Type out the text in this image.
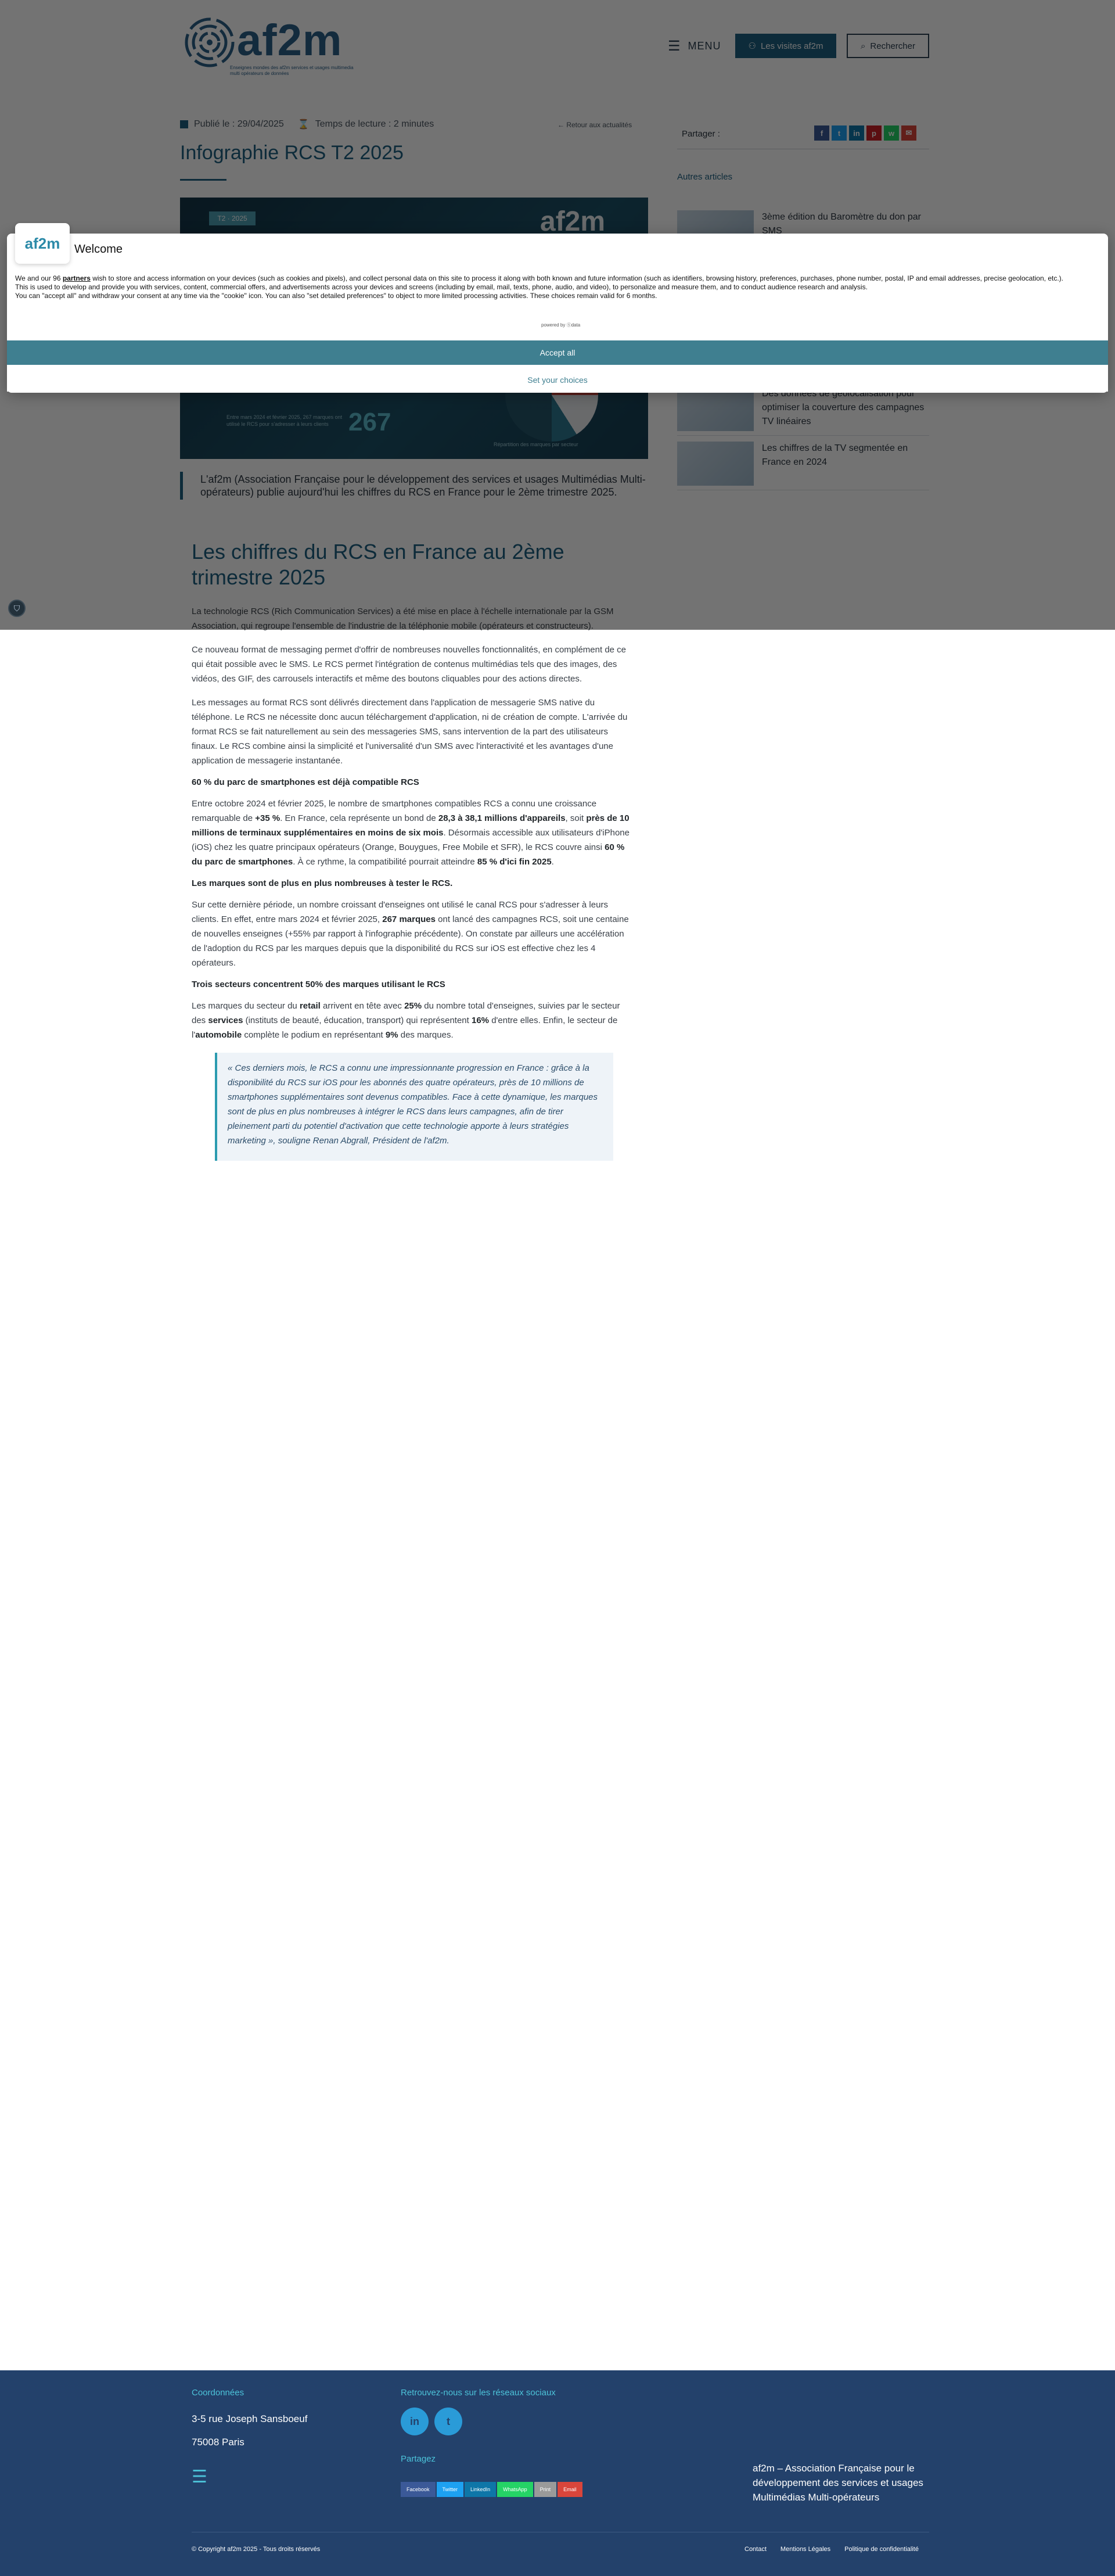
Ce nouveau format de messaging permet d'offrir de nombreuses nouvelles fonctionnalités, en complément de ce qui était possible avec le SMS. Le RCS permet l'intégration de contenus multimédias tels que des images, des vidéos, des GIF, des carrousels interactifs et même des boutons cliquables pour des actions directes.

Les messages au format RCS sont délivrés directement dans l'application de messagerie SMS native du téléphone. Le RCS ne nécessite donc aucun téléchargement d'application, ni de création de compte. L'arrivée du format RCS se fait naturellement au sein des messageries SMS, sans intervention de la part des utilisateurs finaux. Le RCS combine ainsi la simplicité et l'universalité d'un SMS avec l'interactivité et les avantages d'une application de messagerie instantanée.

60 % du parc de smartphones est déjà compatible RCS

Entre octobre 2024 et février 2025, le nombre de smartphones compatibles RCS a connu une croissance remarquable de +35 %. En France, cela représente un bond de 28,3 à 38,1 millions d'appareils, soit près de 10 millions de terminaux supplémentaires en moins de six mois. Désormais accessible aux utilisateurs d'iPhone (iOS) chez les quatre principaux opérateurs (Orange, Bouygues, Free Mobile et SFR), le RCS couvre ainsi 60 % du parc de smartphones. À ce rythme, la compatibilité pourrait atteindre 85 % d'ici fin 2025.

Les marques sont de plus en plus nombreuses à tester le RCS.

Sur cette dernière période, un nombre croissant d'enseignes ont utilisé le canal RCS pour s'adresser à leurs clients. En effet, entre mars 2024 et février 2025, 267 marques ont lancé des campagnes RCS, soit une centaine de nouvelles enseignes (+55% par rapport à l'infographie précédente). On constate par ailleurs une accélération de l'adoption du RCS par les marques depuis que la disponibilité du RCS sur iOS est effective chez les 4 opérateurs.

Trois secteurs concentrent 50% des marques utilisant le RCS

Les marques du secteur du retail arrivent en tête avec 25% du nombre total d'enseignes, suivies par le secteur des services (instituts de beauté, éducation, transport) qui représentent 16% d'entre elles. Enfin, le secteur de l'automobile complète le podium en représentant 9% des marques.

« Ces derniers mois, le RCS a connu une impressionnante progression en France : grâce à la disponibilité du RCS sur iOS pour les abonnés des quatre opérateurs, près de 10 millions de smartphones supplémentaires sont devenus compatibles. Face à cette dynamique, les marques sont de plus en plus nombreuses à intégrer le RCS dans leurs campagnes, afin de tirer pleinement parti du potentiel d'activation que cette technologie apporte à leurs stratégies marketing », souligne Renan Abgrall, Président de l'af2m.
⛉
af2m	Welcome
We and our 96 partners wish to store and access information on your devices (such as cookies and pixels), and collect personal data on this site to process it along with both known and future information (such as identifiers, browsing history, preferences, purchases, phone number, postal, IP and email addresses, precise geolocation, etc.).
This is used to develop and provide you with services, content, commercial offers, and advertisements across your devices and screens (including by email, mail, texts, phone, audio, and video), to personalize and measure them, and to conduct audience research and analysis.
You can "accept all" and withdraw your consent at any time via the "cookie" icon. You can also "set detailed preferences" to object to more limited processing activities. These choices remain valid for 6 months.
powered by Ⓢdata
Accept all
Set your choices
Coordonnées
3-5 rue Joseph Sansboeuf
75008 Paris
☰
Retrouvez-nous sur les réseaux sociaux
in	t
Partagez
Facebook Twitter LinkedIn WhatsApp Print Email
af2m – Association Française pour le développement des services et usages Multimédias Multi-opérateurs
© Copyright af2m 2025 - Tous droits réservés	Contact Mentions Légales Politique de confidentialité
